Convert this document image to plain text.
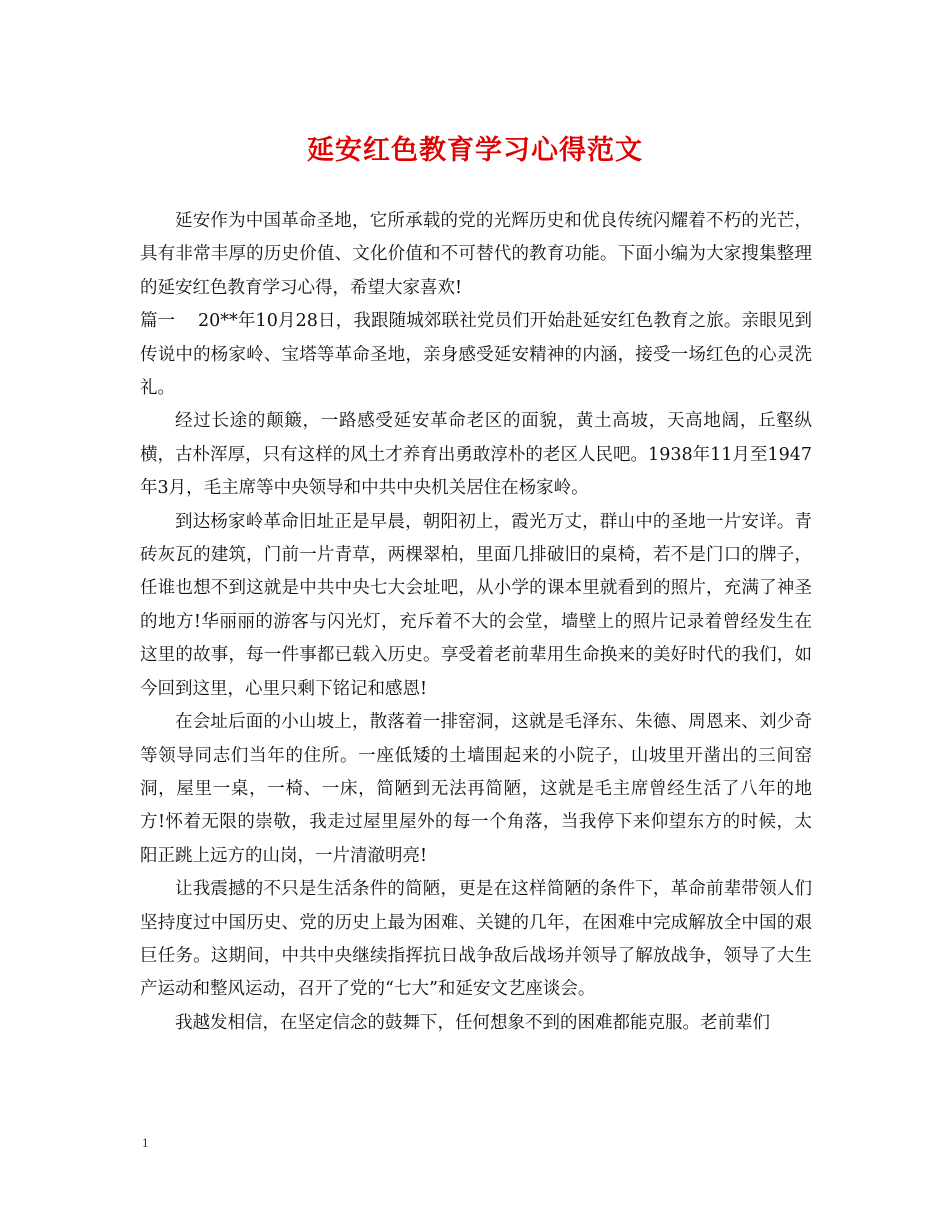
延安红色教育学习心得范文

延安作为中国革命圣地，它所承载的党的光辉历史和优良传统闪耀着不朽的光芒，具有非常丰厚的历史价值、文化价值和不可替代的教育功能。下面小编为大家搜集整理的延安红色教育学习心得，希望大家喜欢!

篇一 20**年10月28日，我跟随城郊联社党员们开始赴延安红色教育之旅。亲眼见到传说中的杨家岭、宝塔等革命圣地，亲身感受延安精神的内涵，接受一场红色的心灵洗礼。

经过长途的颠簸，一路感受延安革命老区的面貌，黄土高坡，天高地阔，丘壑纵横，古朴浑厚，只有这样的风土才养育出勇敢淳朴的老区人民吧。1938年11月至1947年3月，毛主席等中央领导和中共中央机关居住在杨家岭。

到达杨家岭革命旧址正是早晨，朝阳初上，霞光万丈，群山中的圣地一片安详。青砖灰瓦的建筑，门前一片青草，两棵翠柏，里面几排破旧的桌椅，若不是门口的牌子，任谁也想不到这就是中共中央七大会址吧，从小学的课本里就看到的照片，充满了神圣的地方!华丽丽的游客与闪光灯，充斥着不大的会堂，墙壁上的照片记录着曾经发生在这里的故事，每一件事都已载入历史。享受着老前辈用生命换来的美好时代的我们，如今回到这里，心里只剩下铭记和感恩!

在会址后面的小山坡上，散落着一排窑洞，这就是毛泽东、朱德、周恩来、刘少奇等领导同志们当年的住所。一座低矮的土墙围起来的小院子，山坡里开凿出的三间窑洞，屋里一桌，一椅、一床，简陋到无法再简陋，这就是毛主席曾经生活了八年的地方!怀着无限的崇敬，我走过屋里屋外的每一个角落，当我停下来仰望东方的时候，太阳正跳上远方的山岗，一片清澈明亮!

让我震撼的不只是生活条件的简陋，更是在这样简陋的条件下，革命前辈带领人们坚持度过中国历史、党的历史上最为困难、关键的几年，在困难中完成解放全中国的艰巨任务。这期间，中共中央继续指挥抗日战争敌后战场并领导了解放战争，领导了大生产运动和整风运动，召开了党的“七大”和延安文艺座谈会。

我越发相信，在坚定信念的鼓舞下，任何想象不到的困难都能克服。老前辈们

1
